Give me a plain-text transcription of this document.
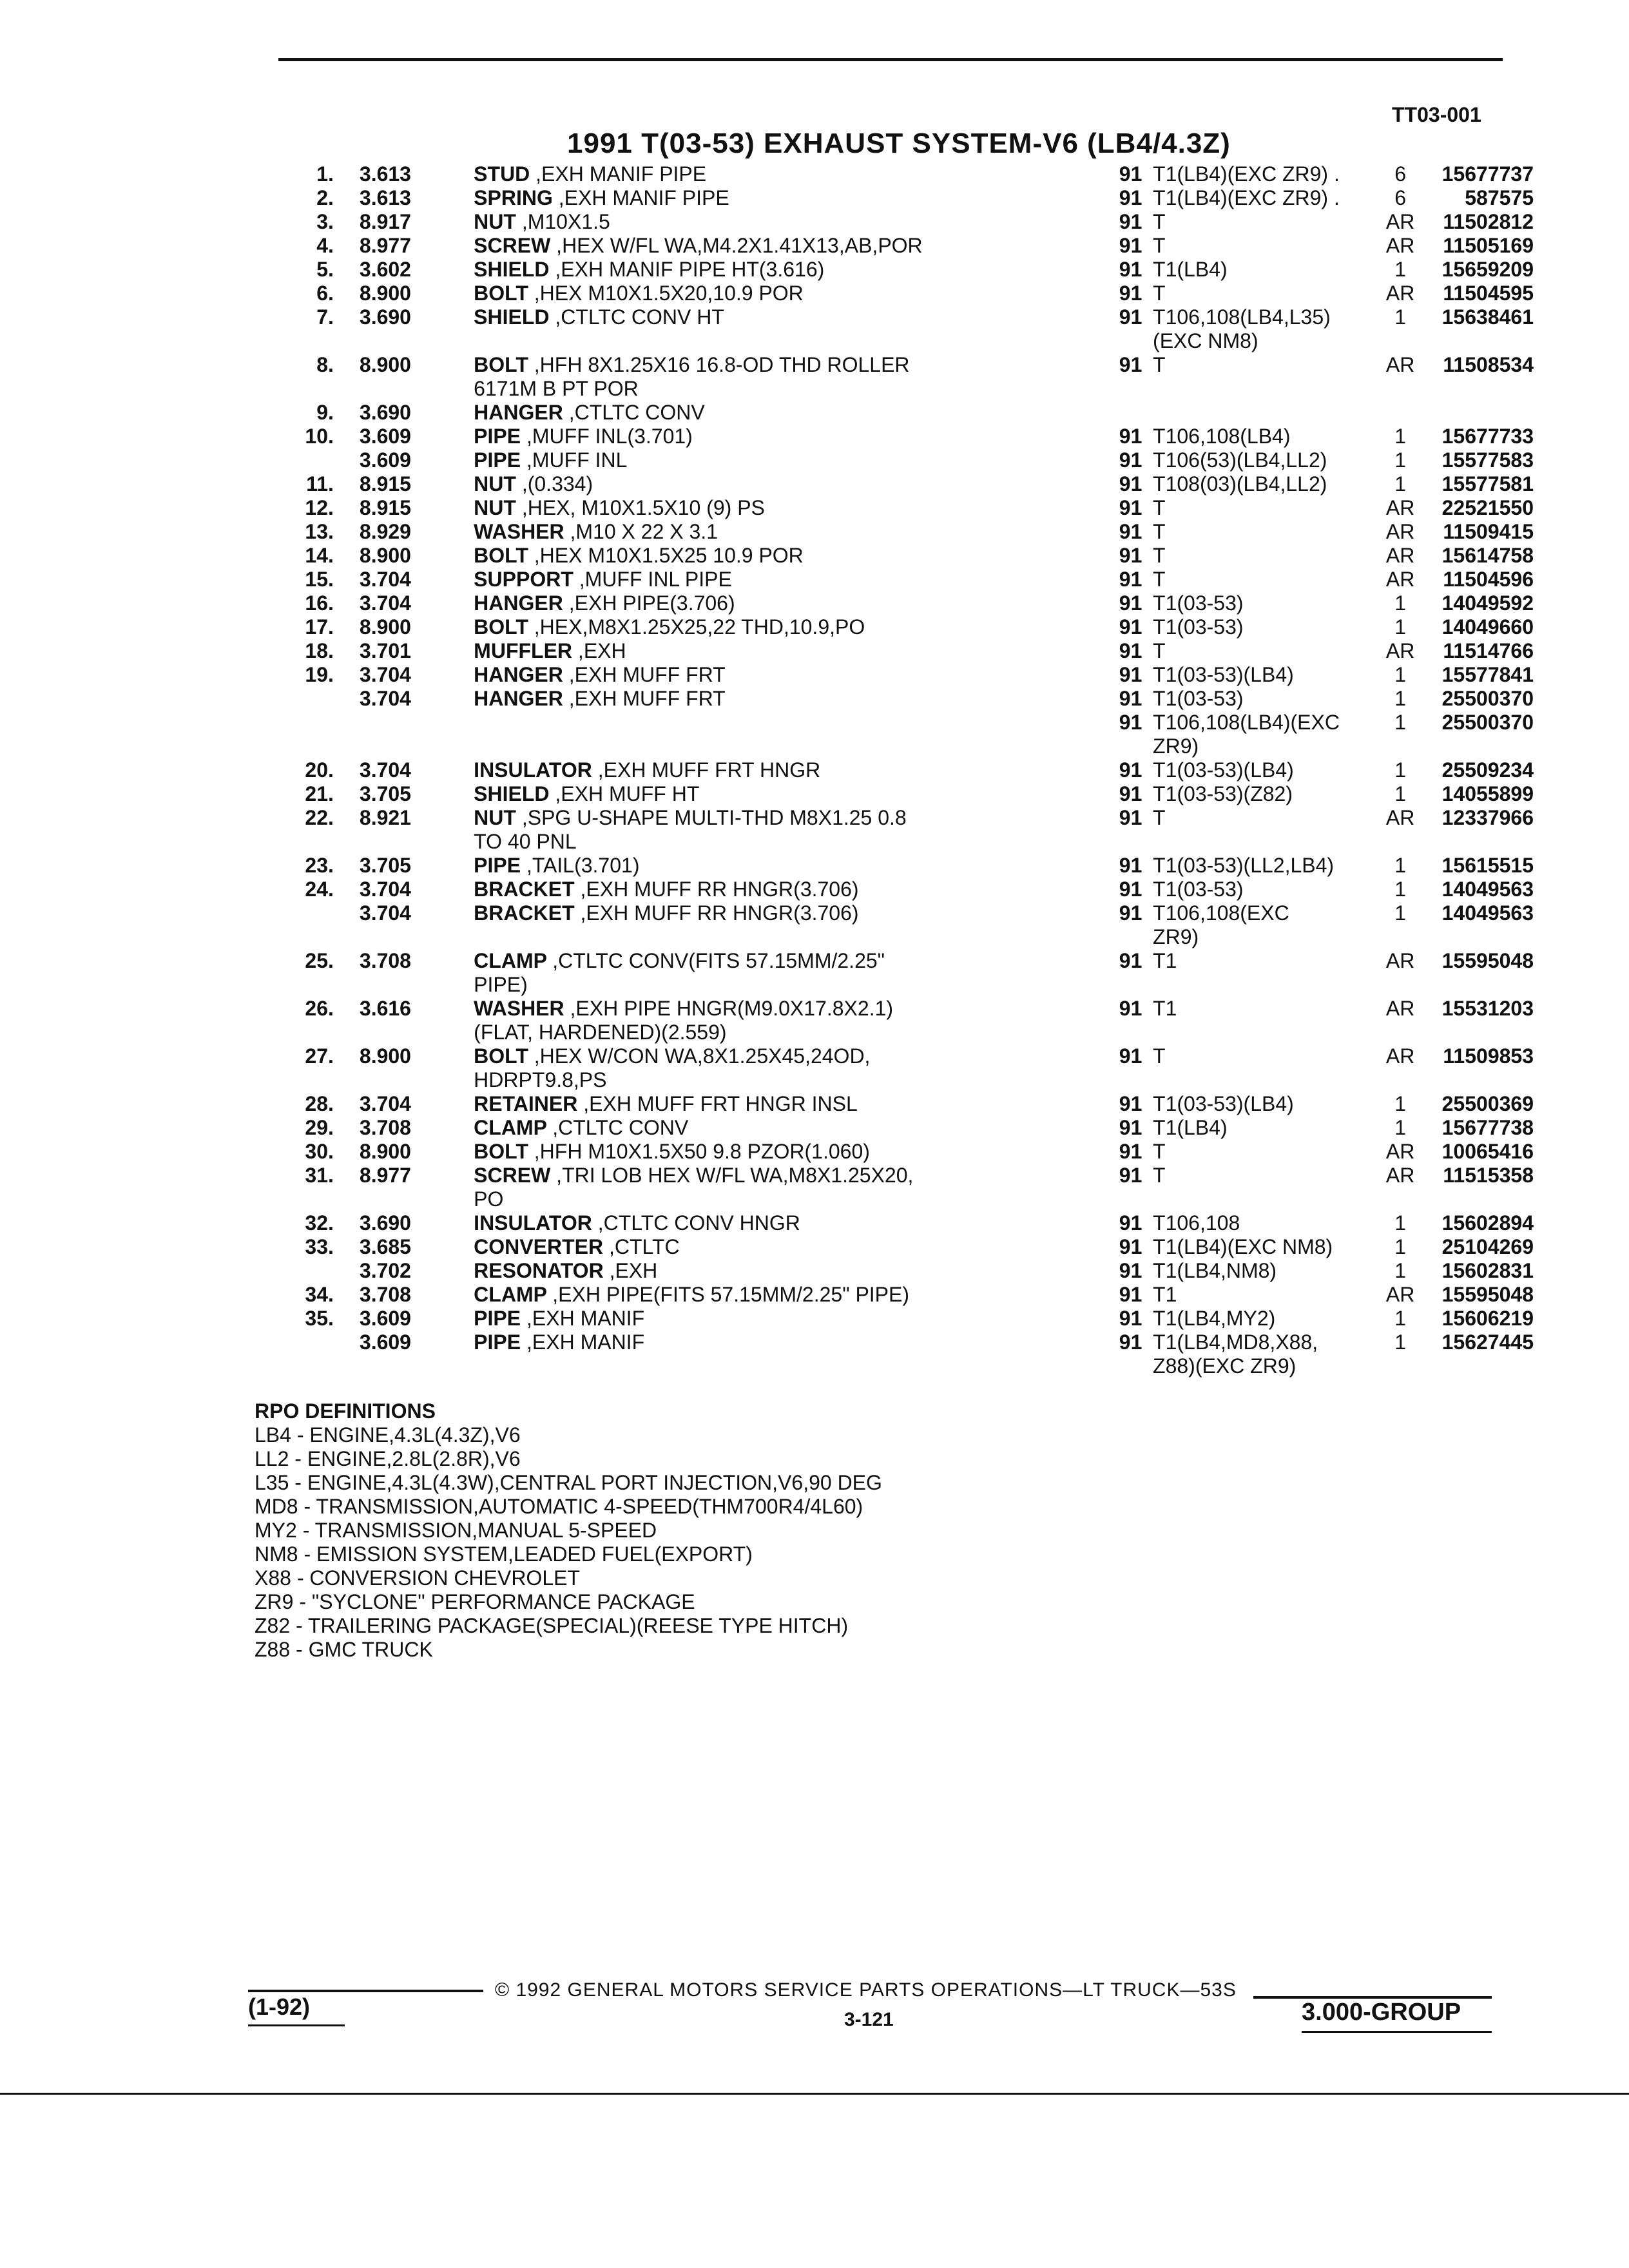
TT03-001
1991 T(03-53) EXHAUST SYSTEM-V6 (LB4/4.3Z)
1.	3.613	STUD ,EXH MANIF PIPE	91 T1(LB4)(EXC ZR9) .	6	15677737
2.	3.613	SPRING ,EXH MANIF PIPE	91 T1(LB4)(EXC ZR9) .	6	587575
3.	8.917	NUT ,M10X1.5	91 T	AR	11502812
4.	8.977	SCREW ,HEX W/FL WA,M4.2X1.41X13,AB,POR	91 T	AR	11505169
5.	3.602	SHIELD ,EXH MANIF PIPE HT(3.616)	91 T1(LB4)	1	15659209
6.	8.900	BOLT ,HEX M10X1.5X20,10.9 POR	91 T	AR	11504595
7.	3.690	SHIELD ,CTLTC CONV HT	91 T106,108(LB4,L35)
(EXC NM8)
1	15638461
8.	8.900	BOLT ,HFH 8X1.25X16 16.8-OD THD ROLLER
6171M B PT POR
91 T	AR	11508534
9.	3.690	HANGER ,CTLTC CONV
10.	3.609	PIPE ,MUFF INL(3.701)	91 T106,108(LB4)	1	15677733
3.609	PIPE ,MUFF INL	91 T106(53)(LB4,LL2)	1	15577583
11.	8.915	NUT ,(0.334)	91 T108(03)(LB4,LL2)	1	15577581
12.	8.915	NUT ,HEX, M10X1.5X10 (9) PS	91 T	AR	22521550
13.	8.929	WASHER ,M10 X 22 X 3.1	91 T	AR	11509415
14.	8.900	BOLT ,HEX M10X1.5X25 10.9 POR	91 T	AR	15614758
15.	3.704	SUPPORT ,MUFF INL PIPE	91 T	AR	11504596
16.	3.704	HANGER ,EXH PIPE(3.706)	91 T1(03-53)	1	14049592
17.	8.900	BOLT ,HEX,M8X1.25X25,22 THD,10.9,PO	91 T1(03-53)	1	14049660
18.	3.701	MUFFLER ,EXH	91 T	AR	11514766
19.	3.704	HANGER ,EXH MUFF FRT	91 T1(03-53)(LB4)	1	15577841
3.704	HANGER ,EXH MUFF FRT	91 T1(03-53)	1	25500370
91 T106,108(LB4)(EXC
ZR9)
1	25500370
20.	3.704	INSULATOR ,EXH MUFF FRT HNGR	91 T1(03-53)(LB4)	1	25509234
21.	3.705	SHIELD ,EXH MUFF HT	91 T1(03-53)(Z82)	1	14055899
22.	8.921	NUT ,SPG U-SHAPE MULTI-THD M8X1.25 0.8
TO 40 PNL
91 T	AR	12337966
23.	3.705	PIPE ,TAIL(3.701)	91 T1(03-53)(LL2,LB4)	1	15615515
24.	3.704	BRACKET ,EXH MUFF RR HNGR(3.706)	91 T1(03-53)	1	14049563
3.704	BRACKET ,EXH MUFF RR HNGR(3.706)	91 T106,108(EXC
ZR9)
1	14049563
25.	3.708	CLAMP ,CTLTC CONV(FITS 57.15MM/2.25"
PIPE)
91 T1	AR	15595048
26.	3.616	WASHER ,EXH PIPE HNGR(M9.0X17.8X2.1)
(FLAT, HARDENED)(2.559)
91 T1	AR	15531203
27.	8.900	BOLT ,HEX W/CON WA,8X1.25X45,24OD,
HDRPT9.8,PS
91 T	AR	11509853
28.	3.704	RETAINER ,EXH MUFF FRT HNGR INSL	91 T1(03-53)(LB4)	1	25500369
29.	3.708	CLAMP ,CTLTC CONV	91 T1(LB4)	1	15677738
30.	8.900	BOLT ,HFH M10X1.5X50 9.8 PZOR(1.060)	91 T	AR	10065416
31.	8.977	SCREW ,TRI LOB HEX W/FL WA,M8X1.25X20,
PO
91 T	AR	11515358
32.	3.690	INSULATOR ,CTLTC CONV HNGR	91 T106,108	1	15602894
33.	3.685	CONVERTER ,CTLTC	91 T1(LB4)(EXC NM8)	1	25104269
3.702	RESONATOR ,EXH	91 T1(LB4,NM8)	1	15602831
34.	3.708	CLAMP ,EXH PIPE(FITS 57.15MM/2.25" PIPE)	91 T1	AR	15595048
35.	3.609	PIPE ,EXH MANIF	91 T1(LB4,MY2)	1	15606219
3.609	PIPE ,EXH MANIF	91 T1(LB4,MD8,X88,
Z88)(EXC ZR9)
1	15627445
RPO DEFINITIONS
LB4 - ENGINE,4.3L(4.3Z),V6
LL2 - ENGINE,2.8L(2.8R),V6
L35 - ENGINE,4.3L(4.3W),CENTRAL PORT INJECTION,V6,90 DEG
MD8 - TRANSMISSION,AUTOMATIC 4-SPEED(THM700R4/4L60)
MY2 - TRANSMISSION,MANUAL 5-SPEED
NM8 - EMISSION SYSTEM,LEADED FUEL(EXPORT)
X88 - CONVERSION CHEVROLET
ZR9 - "SYCLONE" PERFORMANCE PACKAGE
Z82 - TRAILERING PACKAGE(SPECIAL)(REESE TYPE HITCH)
Z88 - GMC TRUCK
(1-92)
© 1992 GENERAL MOTORS SERVICE PARTS OPERATIONS—LT TRUCK—53S
3-121	3.000-GROUP
